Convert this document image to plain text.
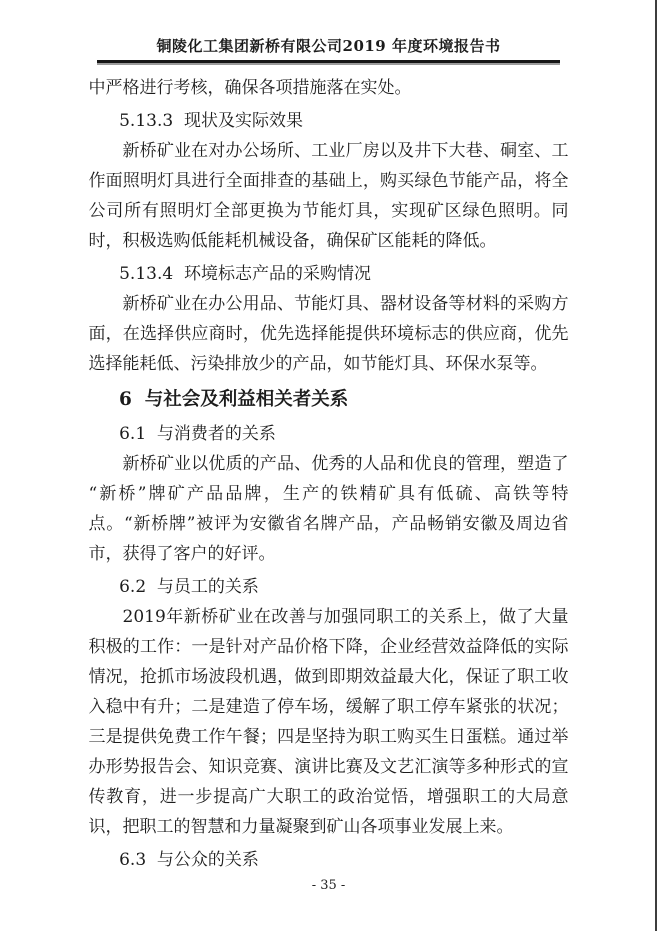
铜陵化工集团新桥有限公司2019 年度环境报告书

中严格进行考核，确保各项措施落在实处。

5.13.3  现状及实际效果

新桥矿业在对办公场所、工业厂房以及井下大巷、硐室、工作面照明灯具进行全面排查的基础上，购买绿色节能产品，将全公司所有照明灯全部更换为节能灯具，实现矿区绿色照明。同时，积极选购低能耗机械设备，确保矿区能耗的降低。

5.13.4  环境标志产品的采购情况

新桥矿业在办公用品、节能灯具、器材设备等材料的采购方面，在选择供应商时，优先选择能提供环境标志的供应商，优先选择能耗低、污染排放少的产品，如节能灯具、环保水泵等。

6  与社会及利益相关者关系

6.1  与消费者的关系

新桥矿业以优质的产品、优秀的人品和优良的管理，塑造了 “新桥”牌矿产品品牌，生产的铁精矿具有低硫、高铁等特点。“新桥牌”被评为安徽省名牌产品，产品畅销安徽及周边省市，获得了客户的好评。

6.2  与员工的关系

2019年新桥矿业在改善与加强同职工的关系上，做了大量积极的工作：一是针对产品价格下降，企业经营效益降低的实际情况，抢抓市场波段机遇，做到即期效益最大化，保证了职工收入稳中有升；二是建造了停车场，缓解了职工停车紧张的状况；三是提供免费工作午餐；四是坚持为职工购买生日蛋糕。通过举办形势报告会、知识竞赛、演讲比赛及文艺汇演等多种形式的宣传教育，进一步提高广大职工的政治觉悟，增强职工的大局意识，把职工的智慧和力量凝聚到矿山各项事业发展上来。

6.3  与公众的关系

- 35 -
